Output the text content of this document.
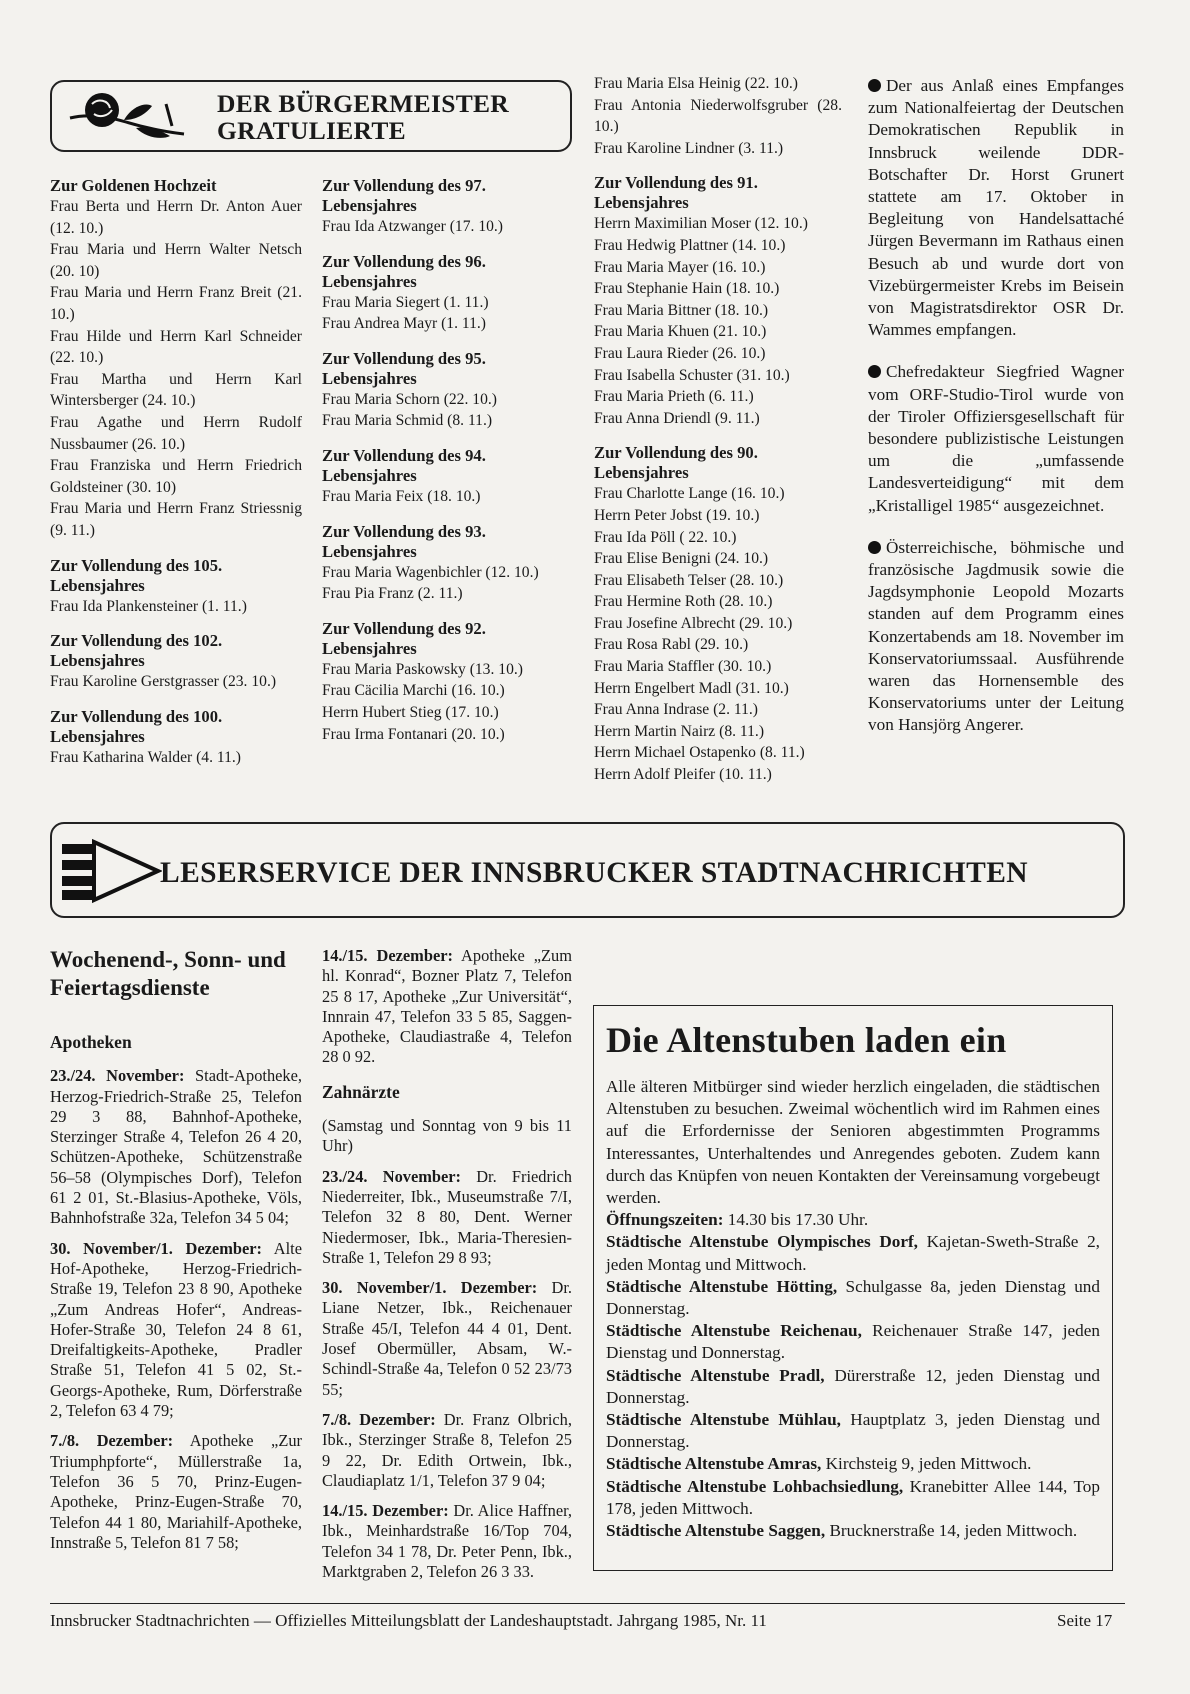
DER BÜRGERMEISTER
GRATULIERTE

Zur Goldenen Hochzeit

Frau Berta und Herrn Dr. Anton Auer (12. 10.)

Frau Maria und Herrn Walter Netsch (20. 10)

Frau Maria und Herrn Franz Breit (21. 10.)

Frau Hilde und Herrn Karl Schneider (22. 10.)

Frau Martha und Herrn Karl Wintersberger (24. 10.)

Frau Agathe und Herrn Rudolf Nussbaumer (26. 10.)

Frau Franziska und Herrn Friedrich Goldsteiner (30. 10)

Frau Maria und Herrn Franz Striessnig (9. 11.)

Zur Vollendung des 105. Lebensjahres

Frau Ida Plankensteiner (1. 11.)

Zur Vollendung des 102. Lebensjahres

Frau Karoline Gerstgrasser (23. 10.)

Zur Vollendung des 100. Lebensjahres

Frau Katharina Walder (4. 11.)

Zur Vollendung des 97. Lebensjahres

Frau Ida Atzwanger (17. 10.)

Zur Vollendung des 96. Lebensjahres

Frau Maria Siegert (1. 11.)

Frau Andrea Mayr (1. 11.)

Zur Vollendung des 95. Lebensjahres

Frau Maria Schorn (22. 10.)

Frau Maria Schmid (8. 11.)

Zur Vollendung des 94. Lebensjahres

Frau Maria Feix (18. 10.)

Zur Vollendung des 93. Lebensjahres

Frau Maria Wagenbichler (12. 10.)

Frau Pia Franz (2. 11.)

Zur Vollendung des 92. Lebensjahres

Frau Maria Paskowsky (13. 10.)

Frau Cäcilia Marchi (16. 10.)

Herrn Hubert Stieg (17. 10.)

Frau Irma Fontanari (20. 10.)

Frau Maria Elsa Heinig (22. 10.)

Frau Antonia Niederwolfsgruber (28. 10.)

Frau Karoline Lindner (3. 11.)

Zur Vollendung des 91. Lebensjahres

Herrn Maximilian Moser (12. 10.)

Frau Hedwig Plattner (14. 10.)

Frau Maria Mayer (16. 10.)

Frau Stephanie Hain (18. 10.)

Frau Maria Bittner (18. 10.)

Frau Maria Khuen (21. 10.)

Frau Laura Rieder (26. 10.)

Frau Isabella Schuster (31. 10.)

Frau Maria Prieth (6. 11.)

Frau Anna Driendl (9. 11.)

Zur Vollendung des 90. Lebensjahres

Frau Charlotte Lange (16. 10.)

Herrn Peter Jobst (19. 10.)

Frau Ida Pöll ( 22. 10.)

Frau Elise Benigni (24. 10.)

Frau Elisabeth Telser (28. 10.)

Frau Hermine Roth (28. 10.)

Frau Josefine Albrecht (29. 10.)

Frau Rosa Rabl (29. 10.)

Frau Maria Staffler (30. 10.)

Herrn Engelbert Madl (31. 10.)

Frau Anna Indrase (2. 11.)

Herrn Martin Nairz (8. 11.)

Herrn Michael Ostapenko (8. 11.)

Herrn Adolf Pleifer (10. 11.)

Der aus Anlaß eines Empfanges zum Nationalfeiertag der Deutschen Demokratischen Republik in Innsbruck weilende DDR-Botschafter Dr. Horst Grunert stattete am 17. Oktober in Begleitung von Handelsattaché Jürgen Bevermann im Rathaus einen Besuch ab und wurde dort von Vizebürgermeister Krebs im Beisein von Magistratsdirektor OSR Dr. Wammes empfangen.

Chefredakteur Siegfried Wagner vom ORF-Studio-Tirol wurde von der Tiroler Offiziersgesellschaft für besondere publizistische Leistungen um die „umfassende Landesverteidigung“ mit dem „Kristalligel 1985“ ausgezeichnet.

Österreichische, böhmische und französische Jagdmusik sowie die Jagdsymphonie Leopold Mozarts standen auf dem Programm eines Konzertabends am 18. November im Konservatoriumssaal. Ausführende waren das Hornensemble des Konservatoriums unter der Leitung von Hansjörg Angerer.

LESERSERVICE DER INNSBRUCKER STADTNACHRICHTEN
Wochenend-, Sonn- und Feiertagsdienste

Apotheken

23./24. November: Stadt-Apotheke, Herzog-Friedrich-Straße 25, Telefon 29 3 88, Bahnhof-Apotheke, Sterzinger Straße 4, Telefon 26 4 20, Schützen-Apotheke, Schützenstraße 56–58 (Olympisches Dorf), Telefon 61 2 01, St.-Blasius-Apotheke, Völs, Bahnhofstraße 32a, Telefon 34 5 04;

30. November/1. Dezember: Alte Hof-Apotheke, Herzog-Friedrich-Straße 19, Telefon 23 8 90, Apotheke „Zum Andreas Hofer“, Andreas-Hofer-Straße 30, Telefon 24 8 61, Dreifaltigkeits-Apotheke, Pradler Straße 51, Telefon 41 5 02, St.-Georgs-Apotheke, Rum, Dörferstraße 2, Telefon 63 4 79;

7./8. Dezember: Apotheke „Zur Triumphpforte“, Müllerstraße 1a, Telefon 36 5 70, Prinz-Eugen-Apotheke, Prinz-Eugen-Straße 70, Telefon 44 1 80, Mariahilf-Apotheke, Innstraße 5, Telefon 81 7 58;

14./15. Dezember: Apotheke „Zum hl. Konrad“, Bozner Platz 7, Telefon 25 8 17, Apotheke „Zur Universität“, Innrain 47, Telefon 33 5 85, Saggen-Apotheke, Claudiastraße 4, Telefon 28 0 92.

Zahnärzte

(Samstag und Sonntag von 9 bis 11 Uhr)

23./24. November: Dr. Friedrich Niederreiter, Ibk., Museumstraße 7/I, Telefon 32 8 80, Dent. Werner Niedermoser, Ibk., Maria-Theresien-Straße 1, Telefon 29 8 93;

30. November/1. Dezember: Dr. Liane Netzer, Ibk., Reichenauer Straße 45/I, Telefon 44 4 01, Dent. Josef Obermüller, Absam, W.-Schindl-Straße 4a, Telefon 0 52 23/73 55;

7./8. Dezember: Dr. Franz Olbrich, Ibk., Sterzinger Straße 8, Telefon 25 9 22, Dr. Edith Ortwein, Ibk., Claudiaplatz 1/1, Telefon 37 9 04;

14./15. Dezember: Dr. Alice Haffner, Ibk., Meinhardstraße 16/Top 704, Telefon 34 1 78, Dr. Peter Penn, Ibk., Marktgraben 2, Telefon 26 3 33.

Die Altenstuben laden ein

Alle älteren Mitbürger sind wieder herzlich eingeladen, die städtischen Altenstuben zu besuchen. Zweimal wöchentlich wird im Rahmen eines auf die Erfordernisse der Senioren abgestimmten Programms Interessantes, Unterhaltendes und Anregendes geboten. Zudem kann durch das Knüpfen von neuen Kontakten der Vereinsamung vorgebeugt werden.

Öffnungszeiten: 14.30 bis 17.30 Uhr.

Städtische Altenstube Olympisches Dorf, Kajetan-Sweth-Straße 2, jeden Montag und Mittwoch.

Städtische Altenstube Hötting, Schulgasse 8a, jeden Dienstag und Donnerstag.

Städtische Altenstube Reichenau, Reichenauer Straße 147, jeden Dienstag und Donnerstag.

Städtische Altenstube Pradl, Dürerstraße 12, jeden Dienstag und Donnerstag.

Städtische Altenstube Mühlau, Hauptplatz 3, jeden Dienstag und Donnerstag.

Städtische Altenstube Amras, Kirchsteig 9, jeden Mittwoch.

Städtische Altenstube Lohbachsiedlung, Kranebitter Allee 144, Top 178, jeden Mittwoch.

Städtische Altenstube Saggen, Brucknerstraße 14, jeden Mittwoch.

Innsbrucker Stadtnachrichten — Offizielles Mitteilungsblatt der Landeshauptstadt. Jahrgang 1985, Nr. 11	Seite 17
